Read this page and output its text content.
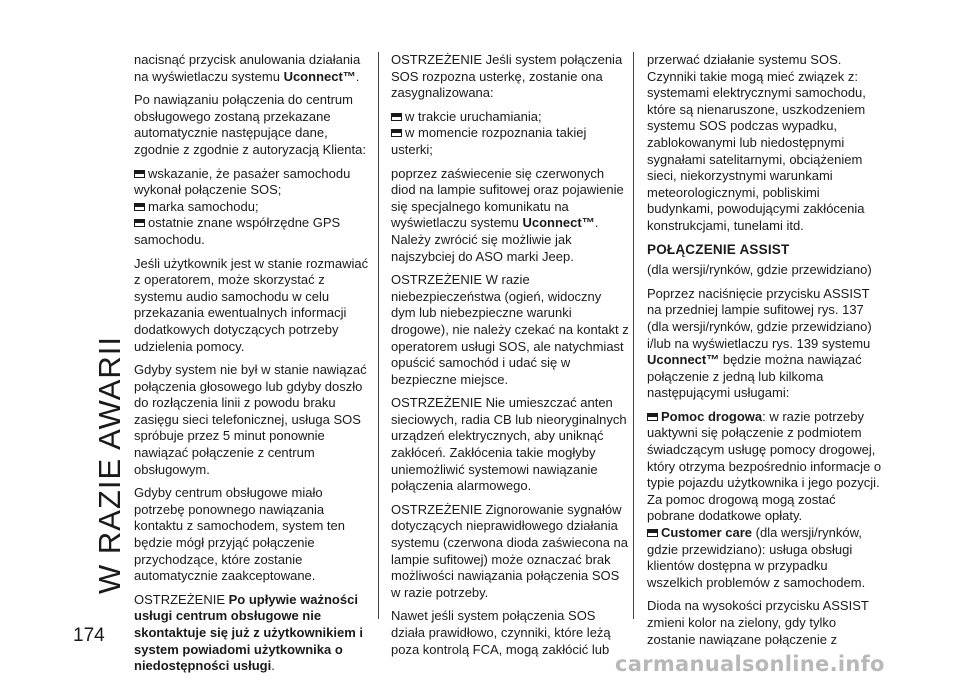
W RAZIE AWARII

nacisnąć przycisk anulowania działania na wyświetlaczu systemu Uconnect™.

Po nawiązaniu połączenia do centrum obsługowego zostaną przekazane automatycznie następujące dane, zgodnie z zgodnie z autoryzacją Klienta:

wskazanie, że pasażer samochodu wykonał połączenie SOS;

marka samochodu;

ostatnie znane współrzędne GPS samochodu.

Jeśli użytkownik jest w stanie rozmawiać z operatorem, może skorzystać z systemu audio samochodu w celu przekazania ewentualnych informacji dodatkowych dotyczących potrzeby udzielenia pomocy.

Gdyby system nie był w stanie nawiązać połączenia głosowego lub gdyby doszło do rozłączenia linii z powodu braku zasięgu sieci telefonicznej, usługa SOS spróbuje przez 5 minut ponownie nawiązać połączenie z centrum obsługowym.

Gdyby centrum obsługowe miało potrzebę ponownego nawiązania kontaktu z samochodem, system ten będzie mógł przyjąć połączenie przychodzące, które zostanie automatycznie zaakceptowane.

OSTRZEŻENIE Po upływie ważności usługi centrum obsługowe nie skontaktuje się już z użytkownikiem i system powiadomi użytkownika o niedostępności usługi.

OSTRZEŻENIE Jeśli system połączenia SOS rozpozna usterkę, zostanie ona zasygnalizowana:

w trakcie uruchamiania;

w momencie rozpoznania takiej usterki;

poprzez zaświecenie się czerwonych diod na lampie sufitowej oraz pojawienie się specjalnego komunikatu na wyświetlaczu systemu Uconnect™. Należy zwrócić się możliwie jak najszybciej do ASO marki Jeep.

OSTRZEŻENIE W razie niebezpieczeństwa (ogień, widoczny dym lub niebezpieczne warunki drogowe), nie należy czekać na kontakt z operatorem usługi SOS, ale natychmiast opuścić samochód i udać się w bezpieczne miejsce.

OSTRZEŻENIE Nie umieszczać anten sieciowych, radia CB lub nieoryginalnych urządzeń elektrycznych, aby uniknąć zakłóceń. Zakłócenia takie mogłyby uniemożliwić systemowi nawiązanie połączenia alarmowego.

OSTRZEŻENIE Zignorowanie sygnałów dotyczących nieprawidłowego działania systemu (czerwona dioda zaświecona na lampie sufitowej) może oznaczać brak możliwości nawiązania połączenia SOS w razie potrzeby.

Nawet jeśli system połączenia SOS działa prawidłowo, czynniki, które leżą poza kontrolą FCA, mogą zakłócić lub

przerwać działanie systemu SOS. Czynniki takie mogą mieć związek z: systemami elektrycznymi samochodu, które są nienaruszone, uszkodzeniem systemu SOS podczas wypadku, zablokowanymi lub niedostępnymi sygnałami satelitarnymi, obciążeniem sieci, niekorzystnymi warunkami meteorologicznymi, pobliskimi budynkami, powodującymi zakłócenia konstrukcjami, tunelami itd.

POŁĄCZENIE ASSIST

(dla wersji/rynków, gdzie przewidziano)

Poprzez naciśnięcie przycisku ASSIST na przedniej lampie sufitowej rys. 137 (dla wersji/rynków, gdzie przewidziano) i/lub na wyświetlaczu rys. 139 systemu Uconnect™ będzie można nawiązać połączenie z jedną lub kilkoma następującymi usługami:

Pomoc drogowa: w razie potrzeby uaktywni się połączenie z podmiotem świadczącym usługę pomocy drogowej, który otrzyma bezpośrednio informacje o typie pojazdu użytkownika i jego pozycji. Za pomoc drogową mogą zostać pobrane dodatkowe opłaty.

Customer care (dla wersji/rynków, gdzie przewidziano): usługa obsługi klientów dostępna w przypadku wszelkich problemów z samochodem.

Dioda na wysokości przycisku ASSIST zmieni kolor na zielony, gdy tylko zostanie nawiązane połączenie z

174
carmanualsonline.info
